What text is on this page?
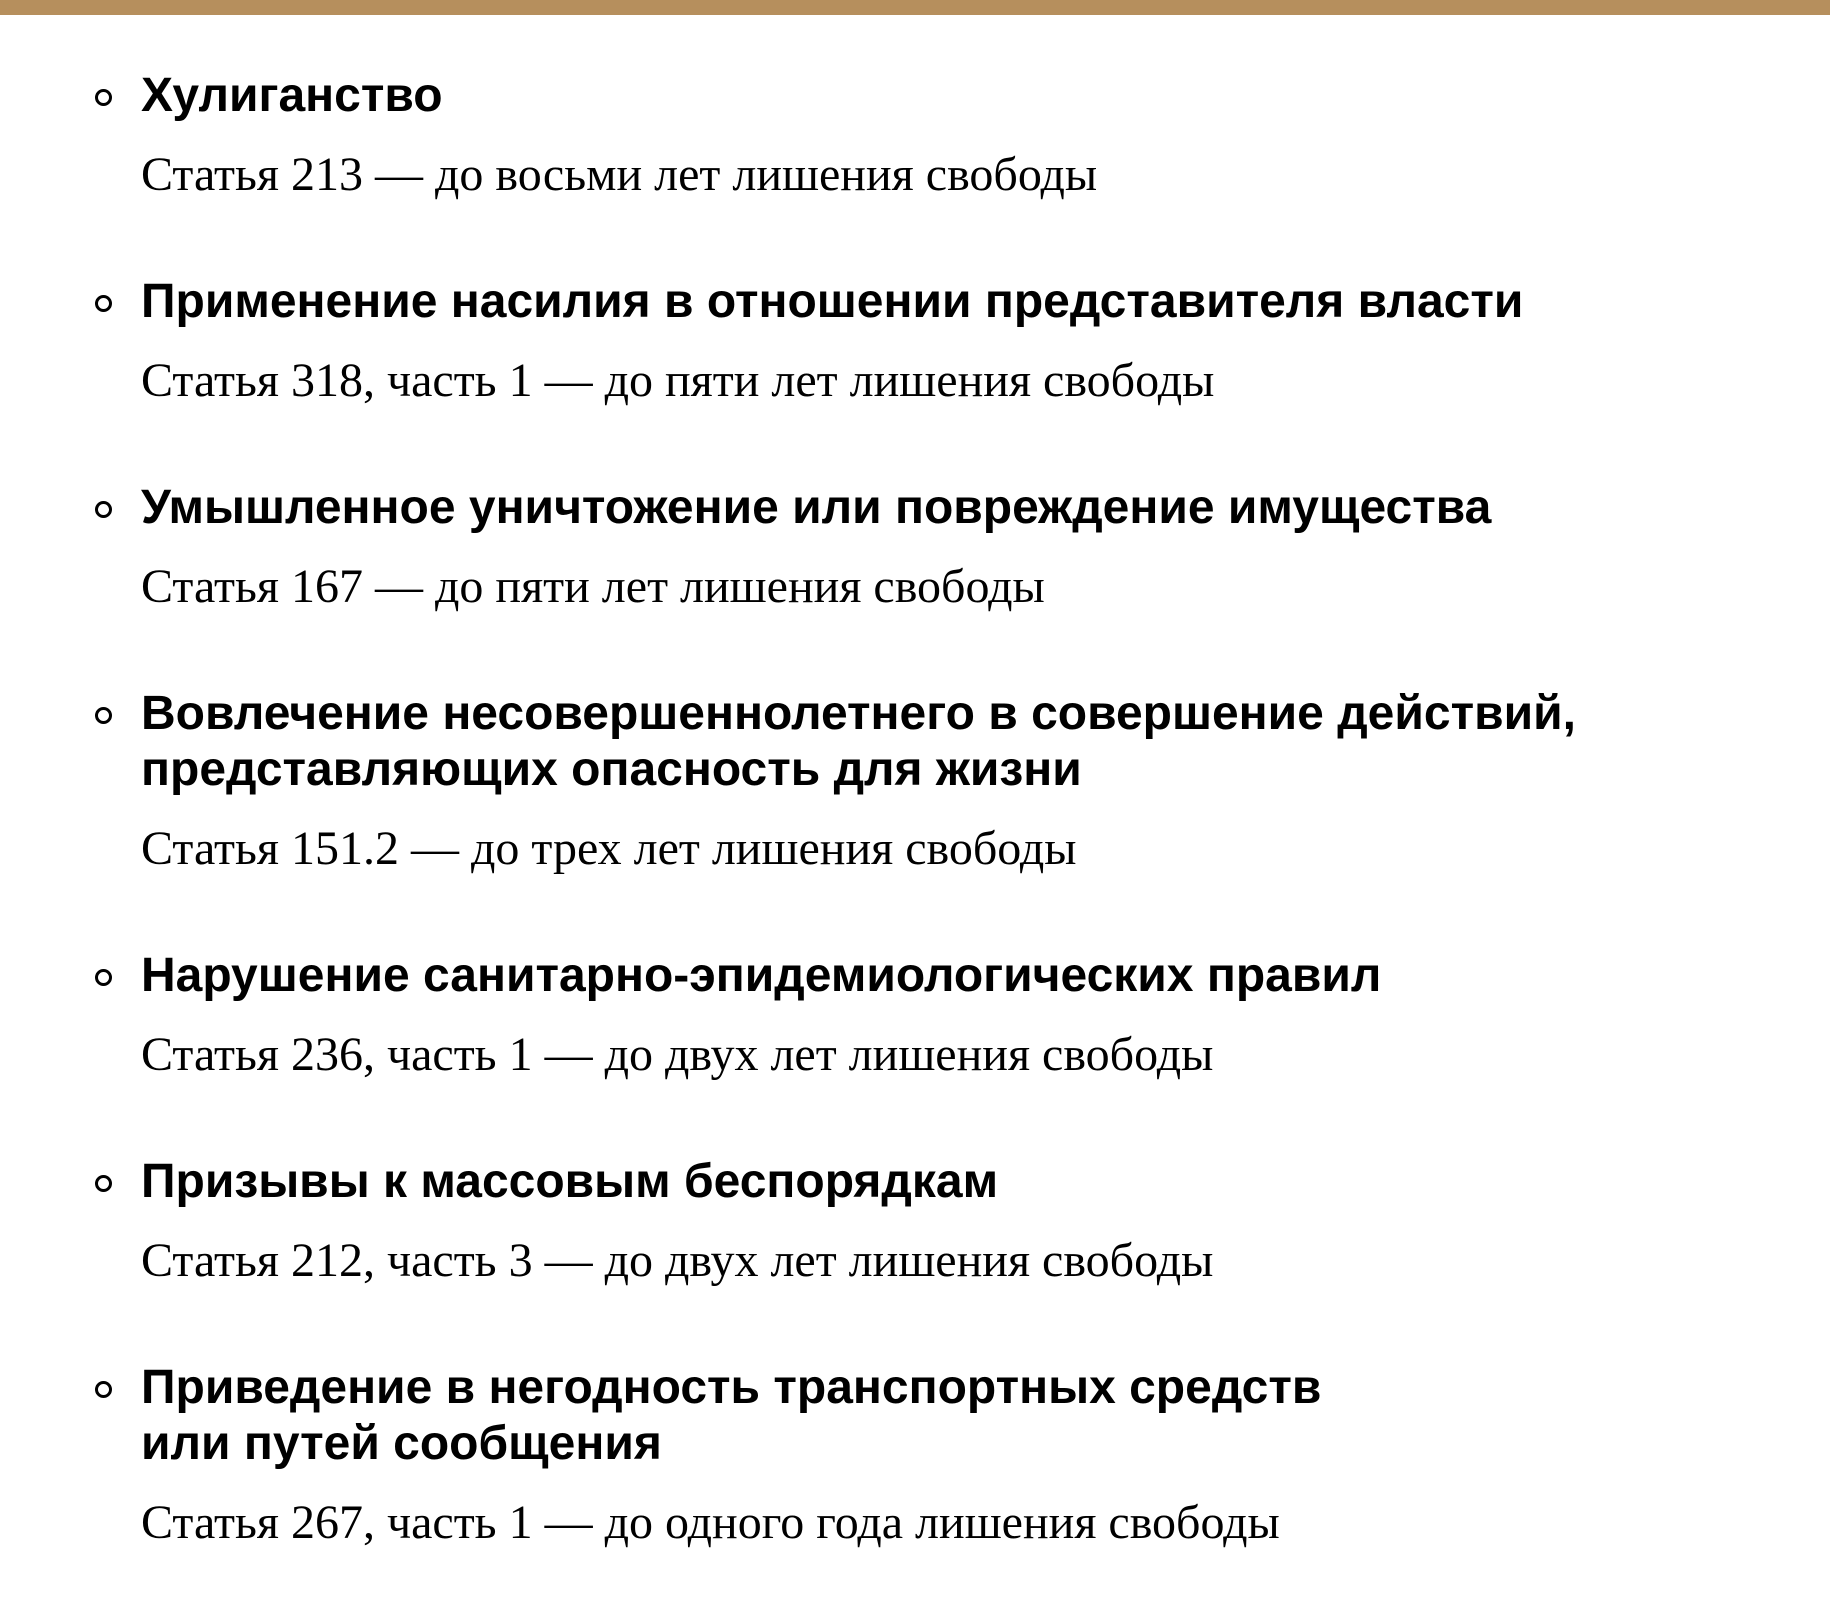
Хулиганство
Статья 213 — до восьми лет лишения свободы
Применение насилия в отношении представителя власти
Статья 318, часть 1 — до пяти лет лишения свободы
Умышленное уничтожение или повреждение имущества
Статья 167 — до пяти лет лишения свободы
Вовлечение несовершеннолетнего в совершение действий,
представляющих опасность для жизни
Статья 151.2 — до трех лет лишения свободы
Нарушение санитарно-эпидемиологических правил
Статья 236, часть 1 — до двух лет лишения свободы
Призывы к массовым беспорядкам
Статья 212, часть 3 — до двух лет лишения свободы
Приведение в негодность транспортных средств
или путей сообщения
Статья 267, часть 1 — до одного года лишения свободы
